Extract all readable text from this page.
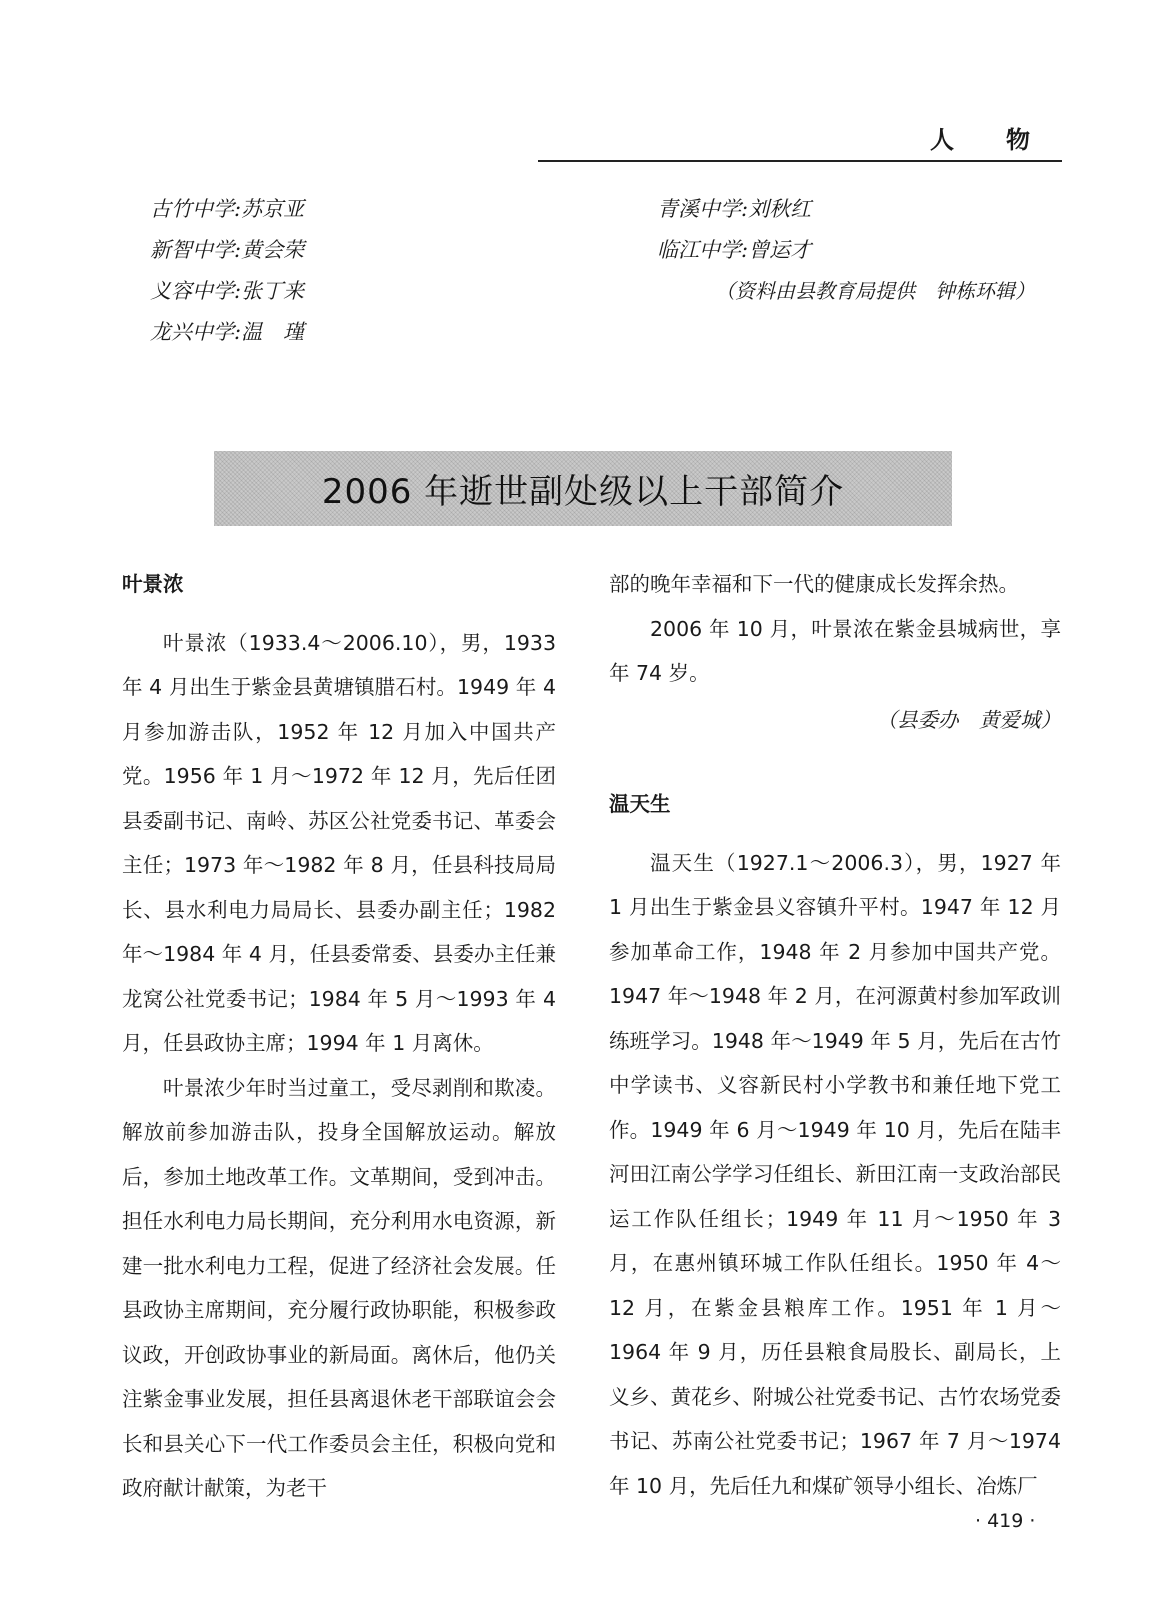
人 物
古竹中学:苏京亚
新智中学:黄会荣
义容中学:张丁来
龙兴中学:温　瑾
青溪中学:刘秋红
临江中学:曾运才
（资料由县教育局提供　钟栋环辑）
2006 年逝世副处级以上干部简介

叶景浓

叶景浓（1933.4～2006.10），男，1933 年 4 月出生于紫金县黄塘镇腊石村。1949 年 4 月参加游击队，1952 年 12 月加入中国共产党。1956 年 1 月～1972 年 12 月，先后任团县委副书记、南岭、苏区公社党委书记、革委会主任；1973 年～1982 年 8 月，任县科技局局长、县水利电力局局长、县委办副主任；1982 年～1984 年 4 月，任县委常委、县委办主任兼龙窝公社党委书记；1984 年 5 月～1993 年 4 月，任县政协主席；1994 年 1 月离休。

叶景浓少年时当过童工，受尽剥削和欺凌。解放前参加游击队，投身全国解放运动。解放后，参加土地改革工作。文革期间，受到冲击。担任水利电力局长期间，充分利用水电资源，新建一批水利电力工程，促进了经济社会发展。任县政协主席期间，充分履行政协职能，积极参政议政，开创政协事业的新局面。离休后，他仍关注紫金事业发展，担任县离退休老干部联谊会会长和县关心下一代工作委员会主任，积极向党和政府献计献策，为老干

部的晚年幸福和下一代的健康成长发挥余热。

2006 年 10 月，叶景浓在紫金县城病世，享年 74 岁。

（县委办　黄爱城）

温天生

温天生（1927.1～2006.3），男，1927 年 1 月出生于紫金县义容镇升平村。1947 年 12 月参加革命工作，1948 年 2 月参加中国共产党。1947 年～1948 年 2 月，在河源黄村参加军政训练班学习。1948 年～1949 年 5 月，先后在古竹中学读书、义容新民村小学教书和兼任地下党工作。1949 年 6 月～1949 年 10 月，先后在陆丰河田江南公学学习任组长、新田江南一支政治部民运工作队任组长；1949 年 11 月～1950 年 3 月，在惠州镇环城工作队任组长。1950 年 4～12 月，在紫金县粮库工作。1951 年 1 月～1964 年 9 月，历任县粮食局股长、副局长，上义乡、黄花乡、附城公社党委书记、古竹农场党委书记、苏南公社党委书记；1967 年 7 月～1974 年 10 月，先后任九和煤矿领导小组长、冶炼厂

· 419 ·
